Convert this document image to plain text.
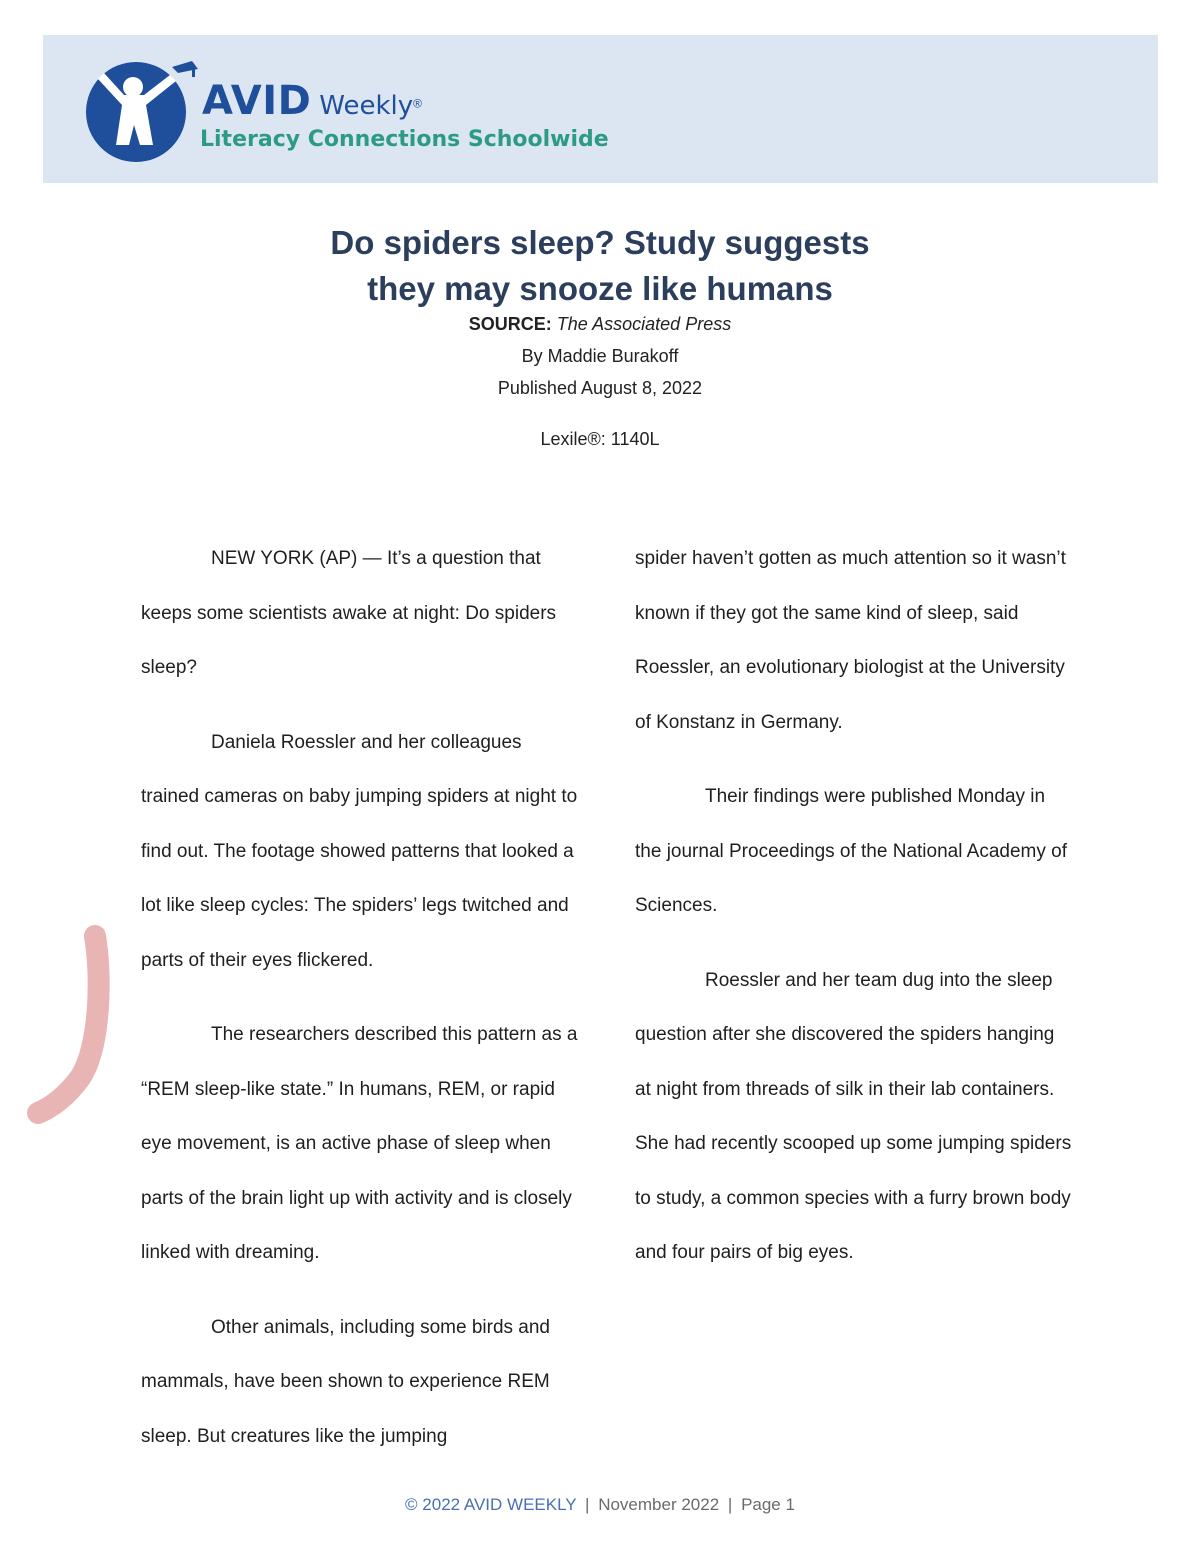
AVID Weekly®
Literacy Connections Schoolwide
Do spiders sleep? Study suggests
they may snooze like humans
SOURCE: The Associated Press
By Maddie Burakoff
Published August 8, 2022
Lexile®: 1140L

NEW YORK (AP) — It’s a question that keeps some scientists awake at night: Do spiders sleep?

Daniela Roessler and her colleagues trained cameras on baby jumping spiders at night to find out. The footage showed patterns that looked a lot like sleep cycles: The spiders’ legs twitched and parts of their eyes flickered.

The researchers described this pattern as a “REM sleep-like state.” In humans, REM, or rapid eye movement, is an active phase of sleep when parts of the brain light up with activity and is closely linked with dreaming.

Other animals, including some birds and mammals, have been shown to experience REM sleep. But creatures like the jumping

spider haven’t gotten as much attention so it wasn’t known if they got the same kind of sleep, said Roessler, an evolutionary biologist at the University of Konstanz in Germany.

Their findings were published Monday in the journal Proceedings of the National Academy of Sciences.

Roessler and her team dug into the sleep question after she discovered the spiders hanging at night from threads of silk in their lab containers. She had recently scooped up some jumping spiders to study, a common species with a furry brown body and four pairs of big eyes.

© 2022 AVID WEEKLY | November 2022 | Page 1
